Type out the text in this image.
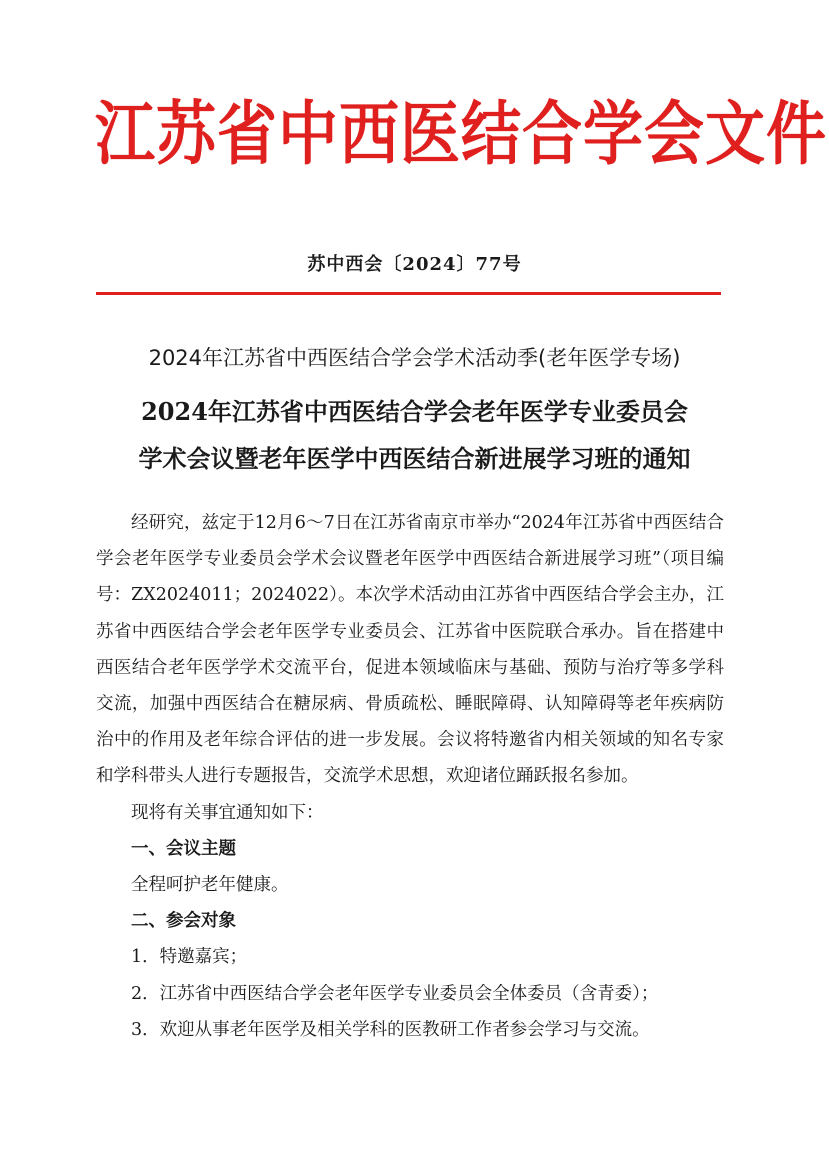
江苏省中西医结合学会文件
苏中西会〔2024〕77号
2024年江苏省中西医结合学会学术活动季(老年医学专场)
2024年江苏省中西医结合学会老年医学专业委员会
学术会议暨老年医学中西医结合新进展学习班的通知

经研究，兹定于12月6～7日在江苏省南京市举办“2024年江苏省中西医结合学会老年医学专业委员会学术会议暨老年医学中西医结合新进展学习班”（项目编号：ZX2024011；2024022）。本次学术活动由江苏省中西医结合学会主办，江苏省中西医结合学会老年医学专业委员会、江苏省中医院联合承办。旨在搭建中西医结合老年医学学术交流平台，促进本领域临床与基础、预防与治疗等多学科交流，加强中西医结合在糖尿病、骨质疏松、睡眠障碍、认知障碍等老年疾病防治中的作用及老年综合评估的进一步发展。会议将特邀省内相关领域的知名专家和学科带头人进行专题报告，交流学术思想，欢迎诸位踊跃报名参加。

现将有关事宜通知如下：

一、会议主题

全程呵护老年健康。

二、参会对象

1．特邀嘉宾；

2．江苏省中西医结合学会老年医学专业委员会全体委员（含青委）；

3．欢迎从事老年医学及相关学科的医教研工作者参会学习与交流。
